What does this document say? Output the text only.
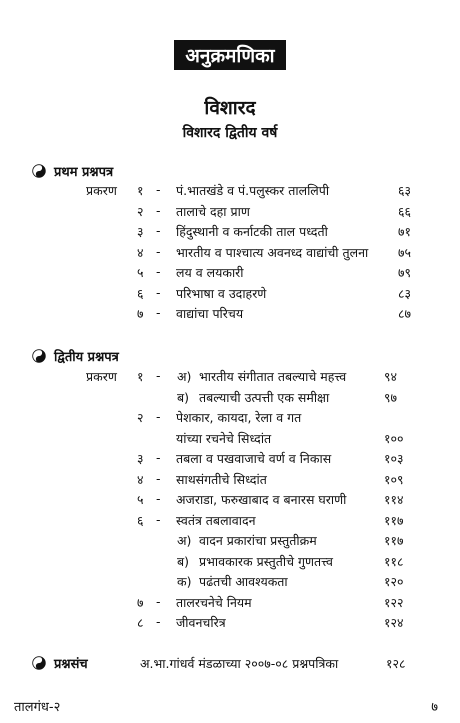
अनुक्रमणिका
विशारद
विशारद द्वितीय वर्ष
प्रथम प्रश्नपत्र
प्रकरण १ - पं.भातखंडे व पं.पलुस्कर ताललिपी	६३
२ - तालाचे दहा प्राण	६६
३ - हिंदुस्थानी व कर्नाटकी ताल पध्दती	७१
४ - भारतीय व पाश्चात्य अवनध्द वाद्यांची तुलना ७५
५ - लय व लयकारी	७९
६ - परिभाषा व उदाहरणे	८३
७ - वाद्यांचा परिचय	८७
द्वितीय प्रश्नपत्र
प्रकरण १ - अ) भारतीय संगीतात तबल्याचे महत्त्व	९४
ब) तबल्याची उत्पत्ती एक समीक्षा	९७
२ - पेशकार, कायदा, रेला व गत
यांच्या रचनेचे सिध्दांत	१००
३ - तबला व पखवाजाचे वर्ण व निकास	१०३
४ - साथसंगतीचे सिध्दांत	१०९
५ - अजराडा, फरुखाबाद व बनारस घराणी	११४
६ - स्वतंत्र तबलावादन	११७
अ) वादन प्रकारांचा प्रस्तुतीक्रम	११७
ब) प्रभावकारक प्रस्तुतीचे गुणतत्त्व	११८
क) पढंतची आवश्यकता	१२०
७ - तालरचनेचे नियम	१२२
८ - जीवनचरित्र	१२४
प्रश्नसंच	अ.भा.गांधर्व मंडळाच्या २००७-०८ प्रश्नपत्रिका	१२८
तालगंध-२	७
